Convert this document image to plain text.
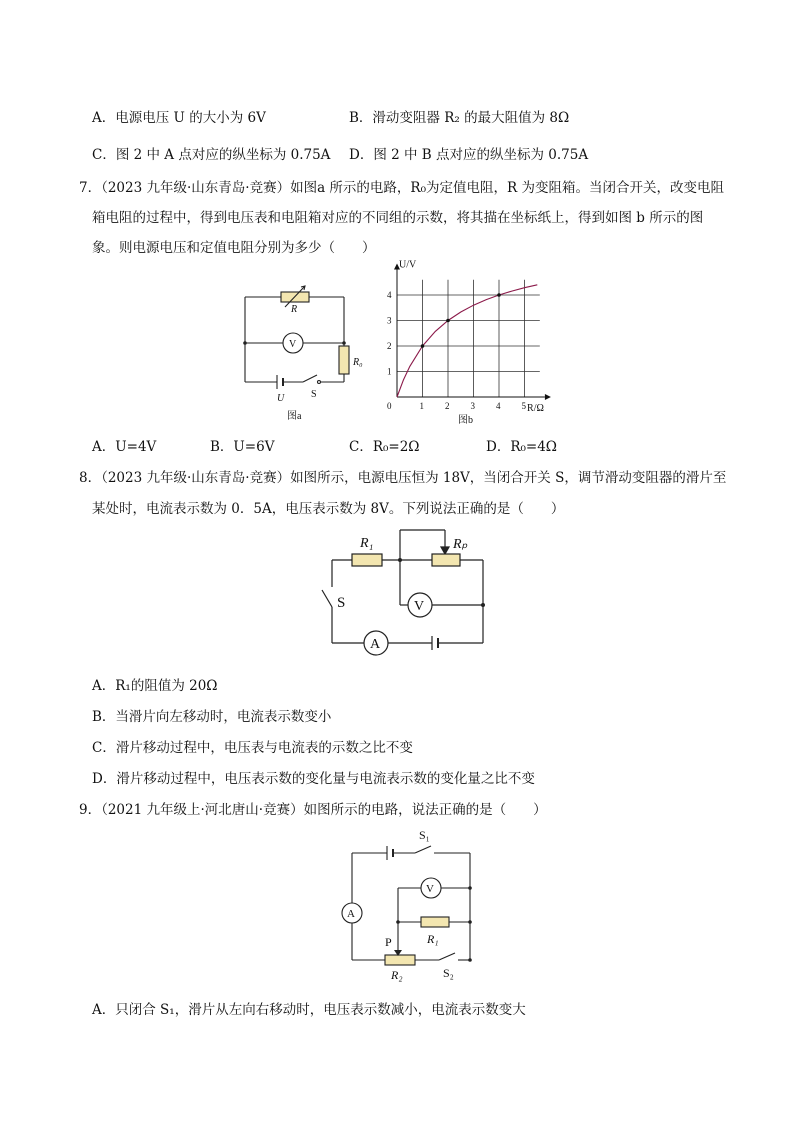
A．电源电压 U 的大小为 6V	B．滑动变阻器 R₂ 的最大阻值为 8Ω
C．图 2 中 A 点对应的纵坐标为 0.75A D．图 2 中 B 点对应的纵坐标为 0.75A
7．（2023 九年级·山东青岛·竞赛）如图a 所示的电路，R₀为定值电阻，R 为变阻箱。当闭合开关，改变电阻
箱电阻的过程中，得到电压表和电阻箱对应的不同组的示数，将其描在坐标纸上，得到如图 b 所示的图
象。则电源电压和定值电阻分别为多少（　　）
R
V
R₀
U	S
图a
1 2 3 4 5
1
2
3
4
U/V
R/Ω
0
图b
A．U=4V	B．U=6V	C．R₀=2Ω	D．R₀=4Ω
8．（2023 九年级·山东青岛·竞赛）如图所示，电源电压恒为 18V，当闭合开关 S，调节滑动变阻器的滑片至
某处时，电流表示数为 0．5A，电压表示数为 8V。下列说法正确的是（　　）
R₁	Rₚ
S	V
A
A．R₁的阻值为 20Ω
B．当滑片向左移动时，电流表示数变小
C．滑片移动过程中，电压表与电流表的示数之比不变
D．滑片移动过程中，电压表示数的变化量与电流表示数的变化量之比不变
9．（2021 九年级上·河北唐山·竞赛）如图所示的电路，说法正确的是（　　）
S₁
V
A
R₁
P
R₂	S₂
A．只闭合 S₁，滑片从左向右移动时，电压表示数减小，电流表示数变大
